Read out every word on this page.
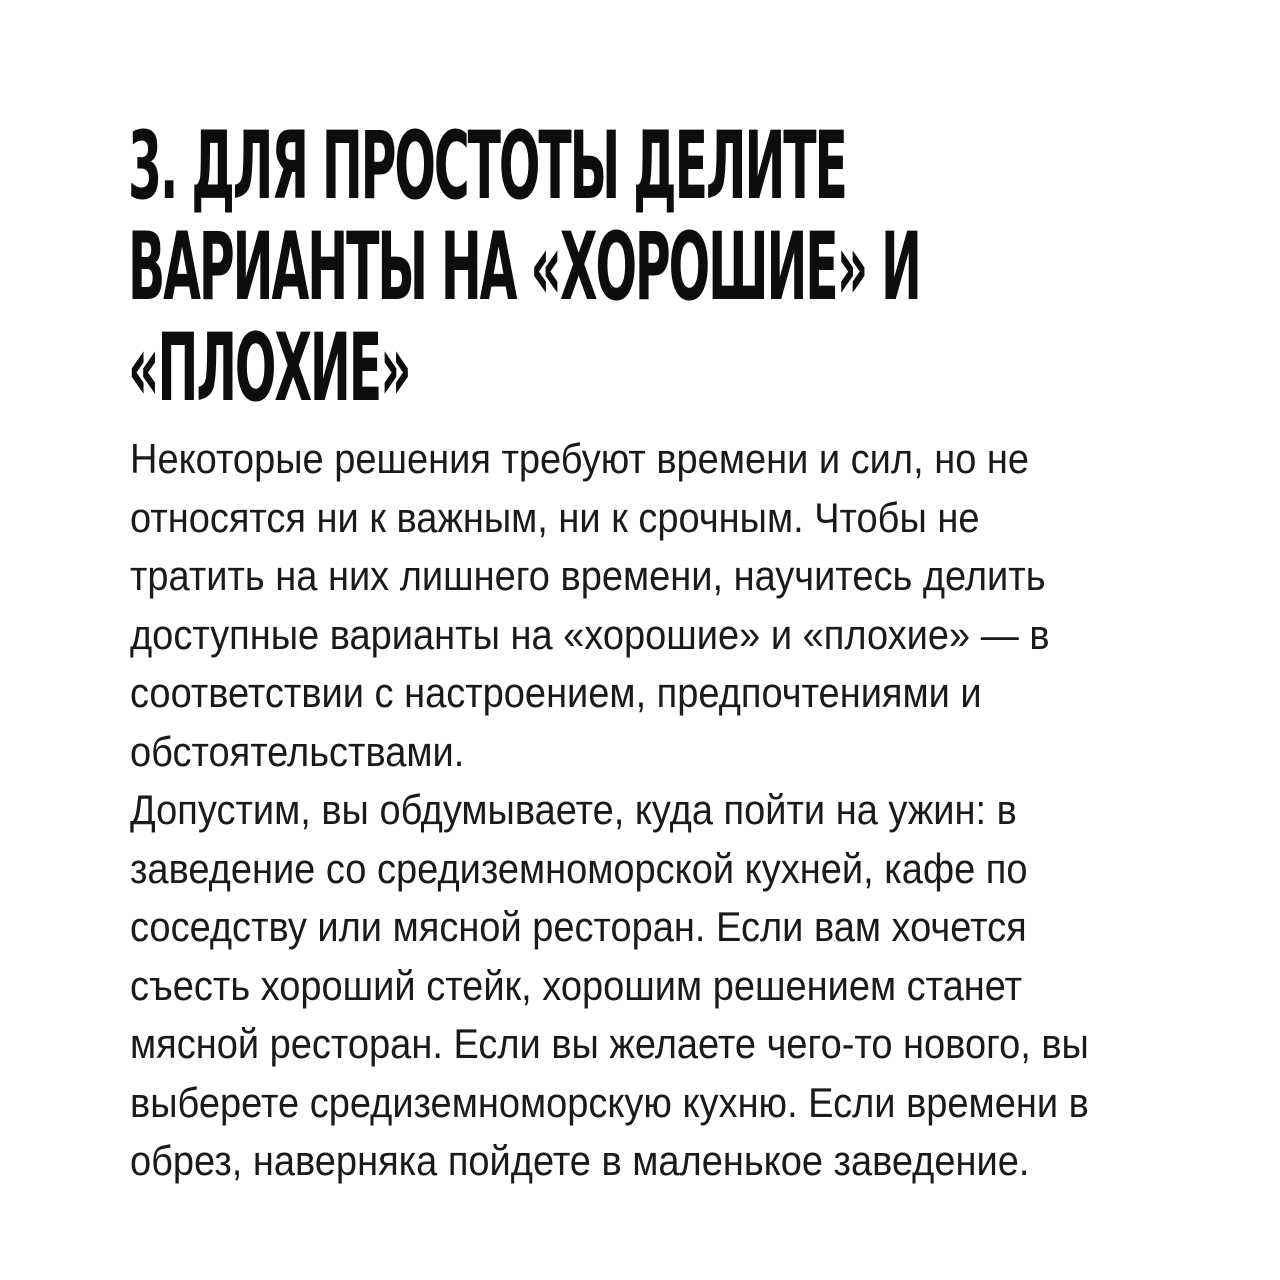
3. ДЛЯ ПРОСТОТЫ ДЕЛИТЕ
ВАРИАНТЫ НА «ХОРОШИЕ» И
«ПЛОХИЕ»
Некоторые решения требуют времени и сил, но не
относятся ни к важным, ни к срочным. Чтобы не
тратить на них лишнего времени, научитесь делить
доступные варианты на «хорошие» и «плохие» — в
соответствии с настроением, предпочтениями и
обстоятельствами.
Допустим, вы обдумываете, куда пойти на ужин: в
заведение со средиземноморской кухней, кафе по
соседству или мясной ресторан. Если вам хочется
съесть хороший стейк, хорошим решением станет
мясной ресторан. Если вы желаете чего-то нового, вы
выберете средиземноморскую кухню. Если времени в
обрез, наверняка пойдете в маленькое заведение.
